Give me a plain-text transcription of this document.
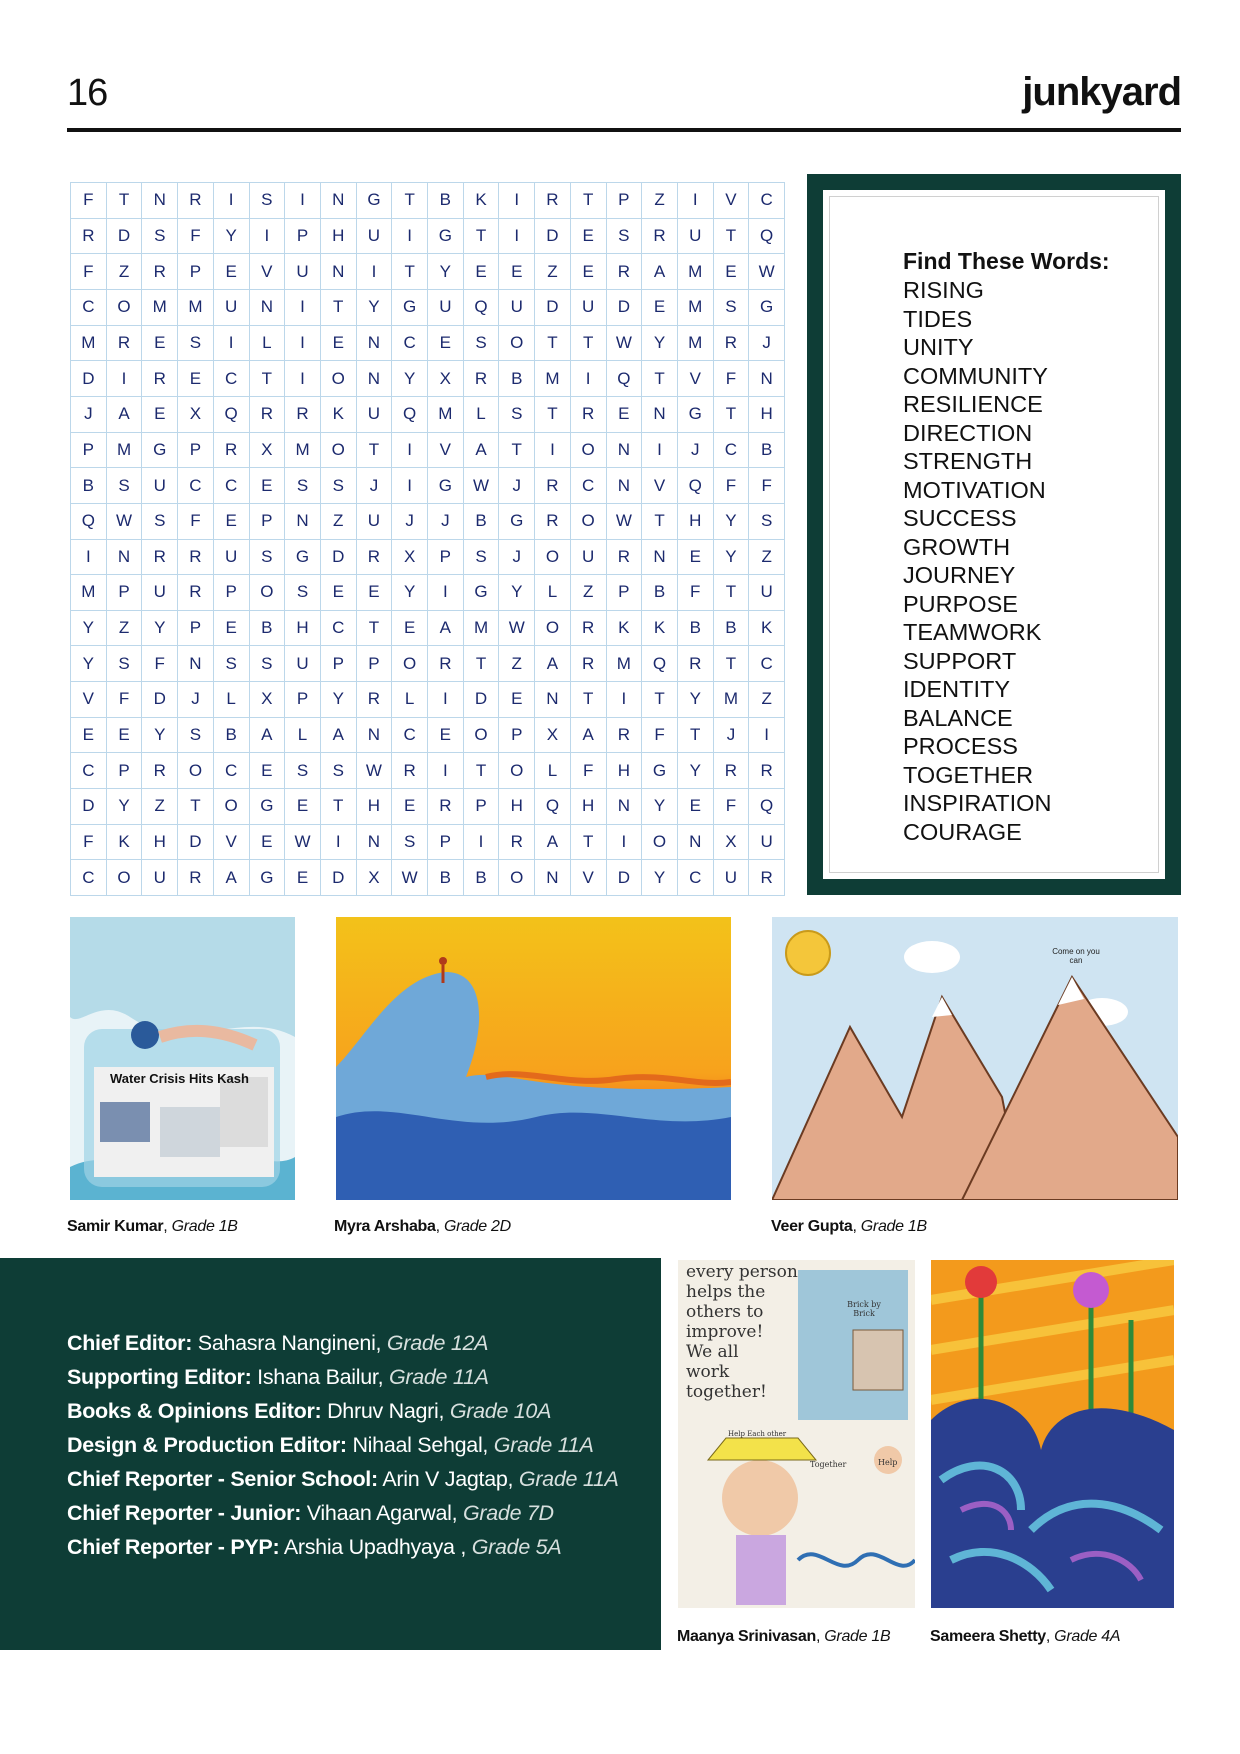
16	junkyard
F	T	N	R	I	S	I	N	G	T	B	K	I	R	T	P	Z	I	V	C
R	D	S	F	Y	I	P	H	U	I	G	T	I	D	E	S	R	U	T	Q
F	Z	R	P	E	V	U	N	I	T	Y	E	E	Z	E	R	A	M	E	W
C	O	M	M	U	N	I	T	Y	G	U	Q	U	D	U	D	E	M	S	G
M	R	E	S	I	L	I	E	N	C	E	S	O	T	T	W	Y	M	R	J
D	I	R	E	C	T	I	O	N	Y	X	R	B	M	I	Q	T	V	F	N
J	A	E	X	Q	R	R	K	U	Q	M	L	S	T	R	E	N	G	T	H
P	M	G	P	R	X	M	O	T	I	V	A	T	I	O	N	I	J	C	B
B	S	U	C	C	E	S	S	J	I	G	W	J	R	C	N	V	Q	F	F
Q	W	S	F	E	P	N	Z	U	J	J	B	G	R	O	W	T	H	Y	S
I	N	R	R	U	S	G	D	R	X	P	S	J	O	U	R	N	E	Y	Z
M	P	U	R	P	O	S	E	E	Y	I	G	Y	L	Z	P	B	F	T	U
Y	Z	Y	P	E	B	H	C	T	E	A	M	W	O	R	K	K	B	B	K
Y	S	F	N	S	S	U	P	P	O	R	T	Z	A	R	M	Q	R	T	C
V	F	D	J	L	X	P	Y	R	L	I	D	E	N	T	I	T	Y	M	Z
E	E	Y	S	B	A	L	A	N	C	E	O	P	X	A	R	F	T	J	I
C	P	R	O	C	E	S	S	W	R	I	T	O	L	F	H	G	Y	R	R
D	Y	Z	T	O	G	E	T	H	E	R	P	H	Q	H	N	Y	E	F	Q
F	K	H	D	V	E	W	I	N	S	P	I	R	A	T	I	O	N	X	U
C	O	U	R	A	G	E	D	X	W	B	B	O	N	V	D	Y	C	U	R
Find These Words:
RISING
TIDES
UNITY
COMMUNITY
RESILIENCE
DIRECTION
STRENGTH
MOTIVATION
SUCCESS
GROWTH
JOURNEY
PURPOSE
TEAMWORK
SUPPORT
IDENTITY
BALANCE
PROCESS
TOGETHER
INSPIRATION
COURAGE
Water Crisis Hits Kash
Samir Kumar, Grade 1B	Myra Arshaba, Grade 2D
Come on you can
Veer Gupta, Grade 1B
Chief Editor: Sahasra Nangineni, Grade 12A
Supporting Editor: Ishana Bailur, Grade 11A
Books & Opinions Editor: Dhruv Nagri, Grade 10A
Design & Production Editor: Nihaal Sehgal, Grade 11A
Chief Reporter - Senior School: Arin V Jagtap, Grade 11A
Chief Reporter - Junior: Vihaan Agarwal, Grade 7D
Chief Reporter - PYP: Arshia Upadhyaya , Grade 5A
every person
helps the
others to
improve!
We all
work
together!
Brick by Brick
Together	Help
Help Each other
Maanya Srinivasan, Grade 1B Sameera Shetty, Grade 4A
